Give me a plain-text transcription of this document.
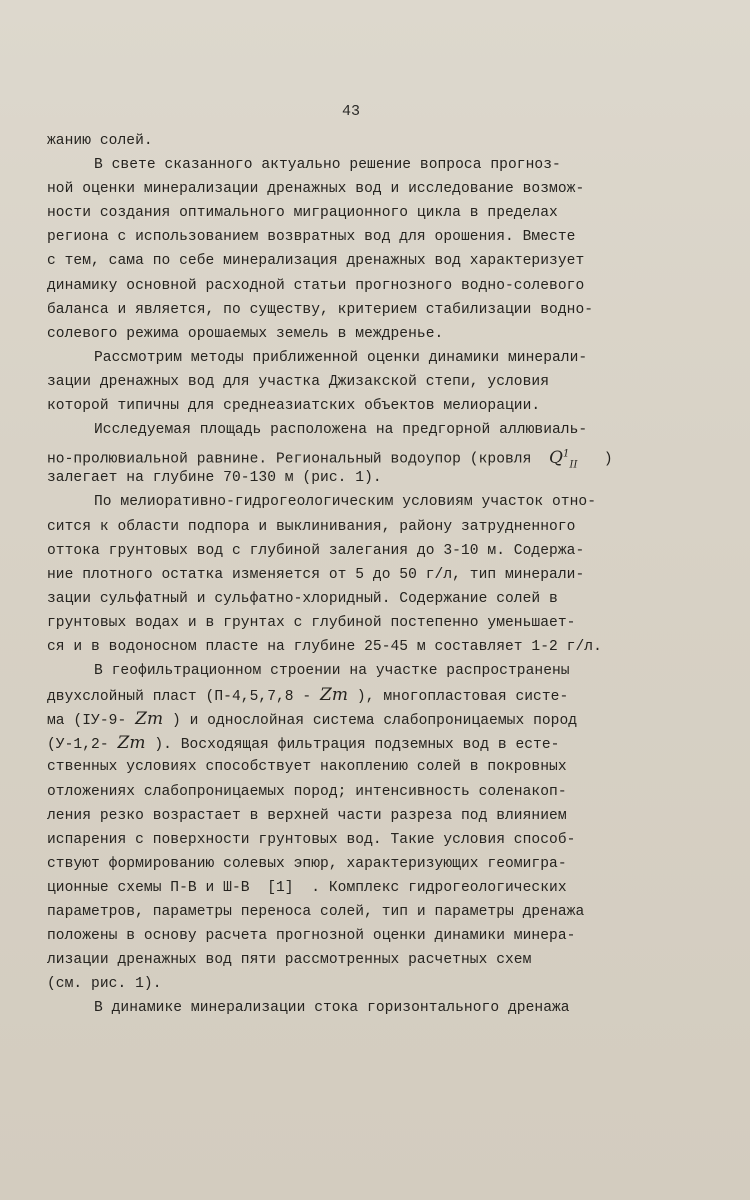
43
жанию солей.
В свете сказанного актуально решение вопроса прогноз-
ной оценки минерализации дренажных вод и исследование возмож-
ности создания оптимального миграционного цикла в пределах
региона с использованием возвратных вод для орошения. Вместе
с тем, сама по себе минерализация дренажных вод характеризует
динамику основной расходной статьи прогнозного водно-солевого
баланса и является, по существу, критерием стабилизации водно-
солевого режима орошаемых земель в междренье.
Рассмотрим методы приближенной оценки динамики минерали-
зации дренажных вод для участка Джизакской степи, условия
которой типичны для среднеазиатских объектов мелиорации.
Исследуемая площадь расположена на предгорной аллювиаль-
но-пролювиальной равнине. Региональный водоупор (кровля $Q^1_{II}$ )
залегает на глубине 70-130 м (рис. 1).
По мелиоративно-гидрогеологическим условиям участок отно-
сится к области подпора и выклинивания, району затрудненного
оттока грунтовых вод с глубиной залегания до 3-10 м. Содержа-
ние плотного остатка изменяется от 5 до 50 г/л, тип минерали-
зации сульфатный и сульфатно-хлоридный. Содержание солей в
грунтовых водах и в грунтах с глубиной постепенно уменьшает-
ся и в водоносном пласте на глубине 25-45 м составляет 1-2 г/л.
В геофильтрационном строении на участке распространены
двухслойный пласт (П-4,5,7,8 - Zm ), многопластовая систе-
ма (IУ-9- Zm ) и однослойная система слабопроницаемых пород
(У-1,2- Zm ). Восходящая фильтрация подземных вод в есте-
ственных условиях способствует накоплению солей в покровных
отложениях слабопроницаемых пород; интенсивность соленакоп-
ления резко возрастает в верхней части разреза под влиянием
испарения с поверхности грунтовых вод. Такие условия способ-
ствуют формированию солевых эпюр, характеризующих геомигра-
ционные схемы П-В и Ш-В  [1]  . Комплекс гидрогеологических
параметров, параметры переноса солей, тип и параметры дренажа
положены в основу расчета прогнозной оценки динамики минера-
лизации дренажных вод пяти рассмотренных расчетных схем
(см. рис. 1).
В динамике минерализации стока горизонтального дренажа
